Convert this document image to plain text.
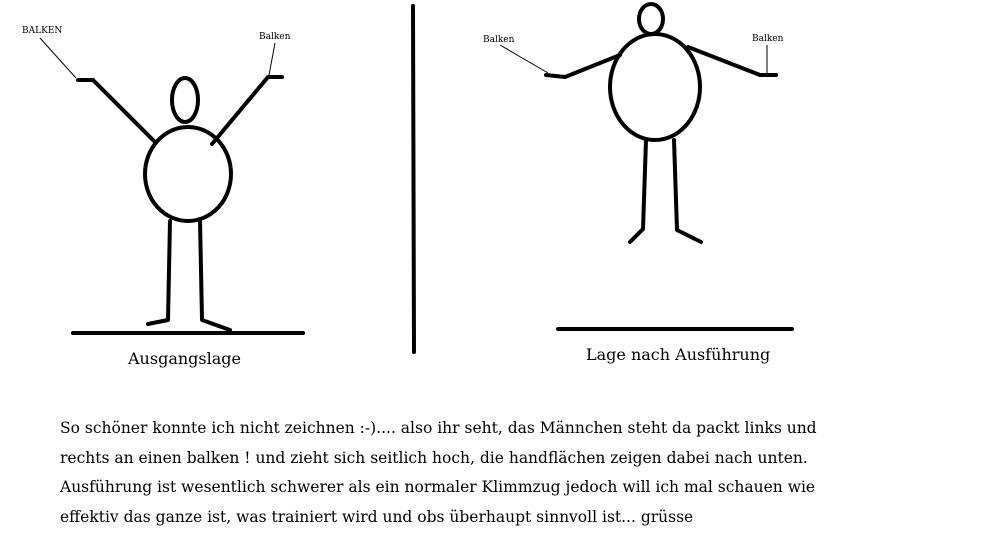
BALKEN
Balken
Ausgangslage
Balken	Balken
Lage nach Ausführung
So schöner konnte ich nicht zeichnen :-).... also ihr seht, das Männchen steht da packt links und
rechts an einen balken ! und zieht sich seitlich hoch, die handflächen zeigen dabei nach unten.
Ausführung ist wesentlich schwerer als ein normaler Klimmzug jedoch will ich mal schauen wie
effektiv das ganze ist, was trainiert wird und obs überhaupt sinnvoll ist... grüsse
